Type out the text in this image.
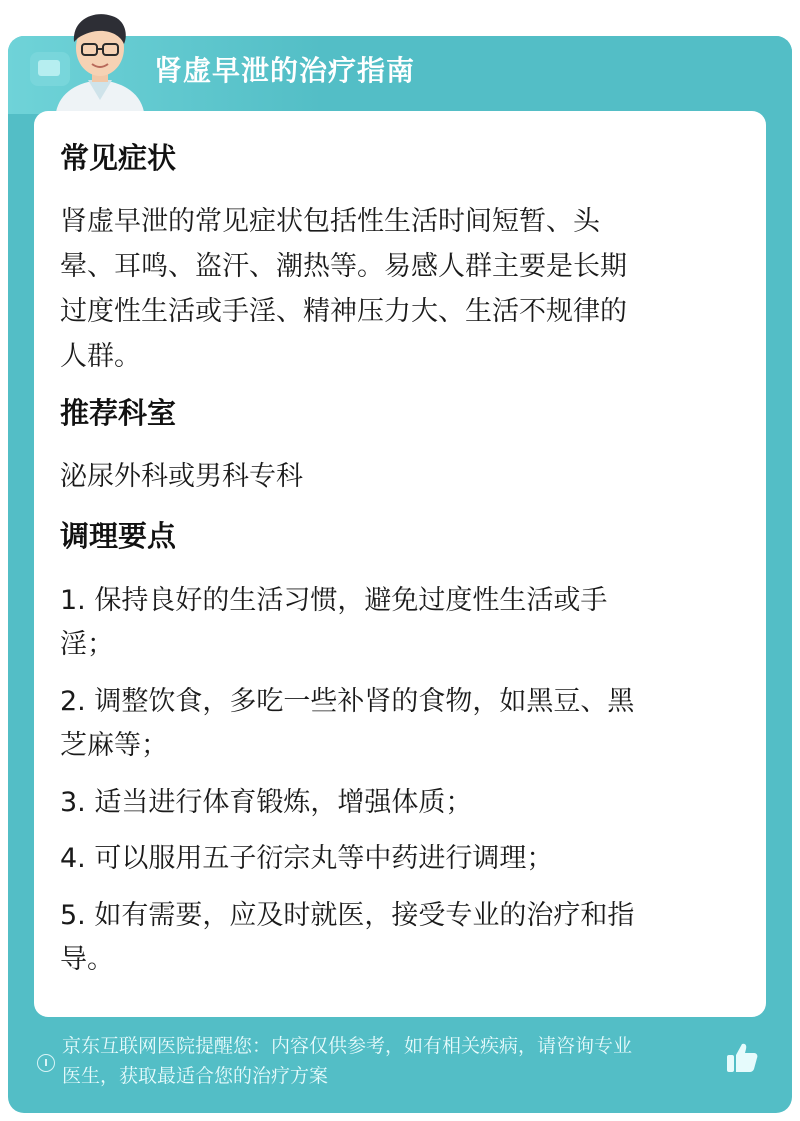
肾虚早泄的治疗指南
常见症状
肾虚早泄的常见症状包括性生活时间短暂、头
晕、耳鸣、盗汗、潮热等。易感人群主要是长期
过度性生活或手淫、精神压力大、生活不规律的
人群。
推荐科室
泌尿外科或男科专科
调理要点
1. 保持良好的生活习惯，避免过度性生活或手
淫；
2. 调整饮食，多吃一些补肾的食物，如黑豆、黑
芝麻等；
3. 适当进行体育锻炼，增强体质；
4. 可以服用五子衍宗丸等中药进行调理；
5. 如有需要，应及时就医，接受专业的治疗和指
导。
京东互联网医院提醒您：内容仅供参考，如有相关疾病，请咨询专业
医生，获取最适合您的治疗方案
